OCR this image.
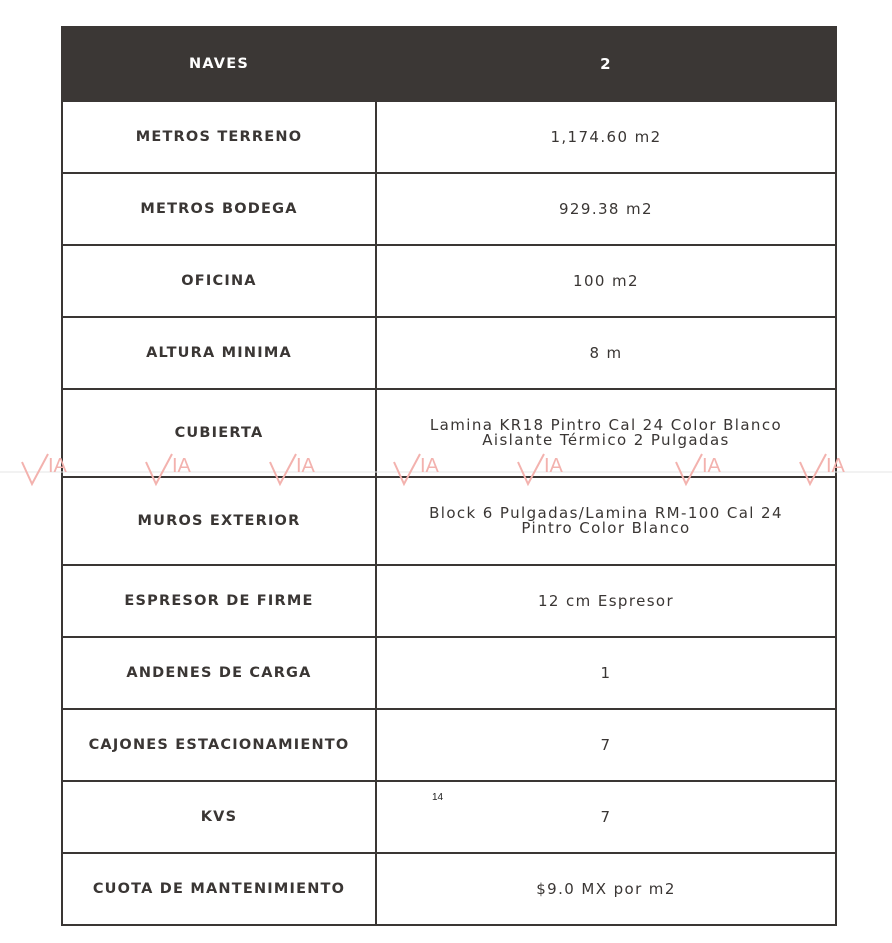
NAVES	2
METROS TERRENO	1,174.60 m2
METROS BODEGA	929.38 m2
OFICINA	100 m2
ALTURA MINIMA	8 m
CUBIERTA	Lamina KR18 Pintro Cal 24 Color Blanco
Aislante Térmico 2 Pulgadas

MUROS EXTERIOR	Block 6 Pulgadas/Lamina RM-100 Cal 24
Pintro Color Blanco

ESPRESOR DE FIRME	12 cm Espresor
ANDENES DE CARGA	1
CAJONES ESTACIONAMIENTO	7
KVS	7
CUOTA DE MANTENIMIENTO	$9.0 MX por m2
IA	IA	IA	IA	IA	IA	IA
14
